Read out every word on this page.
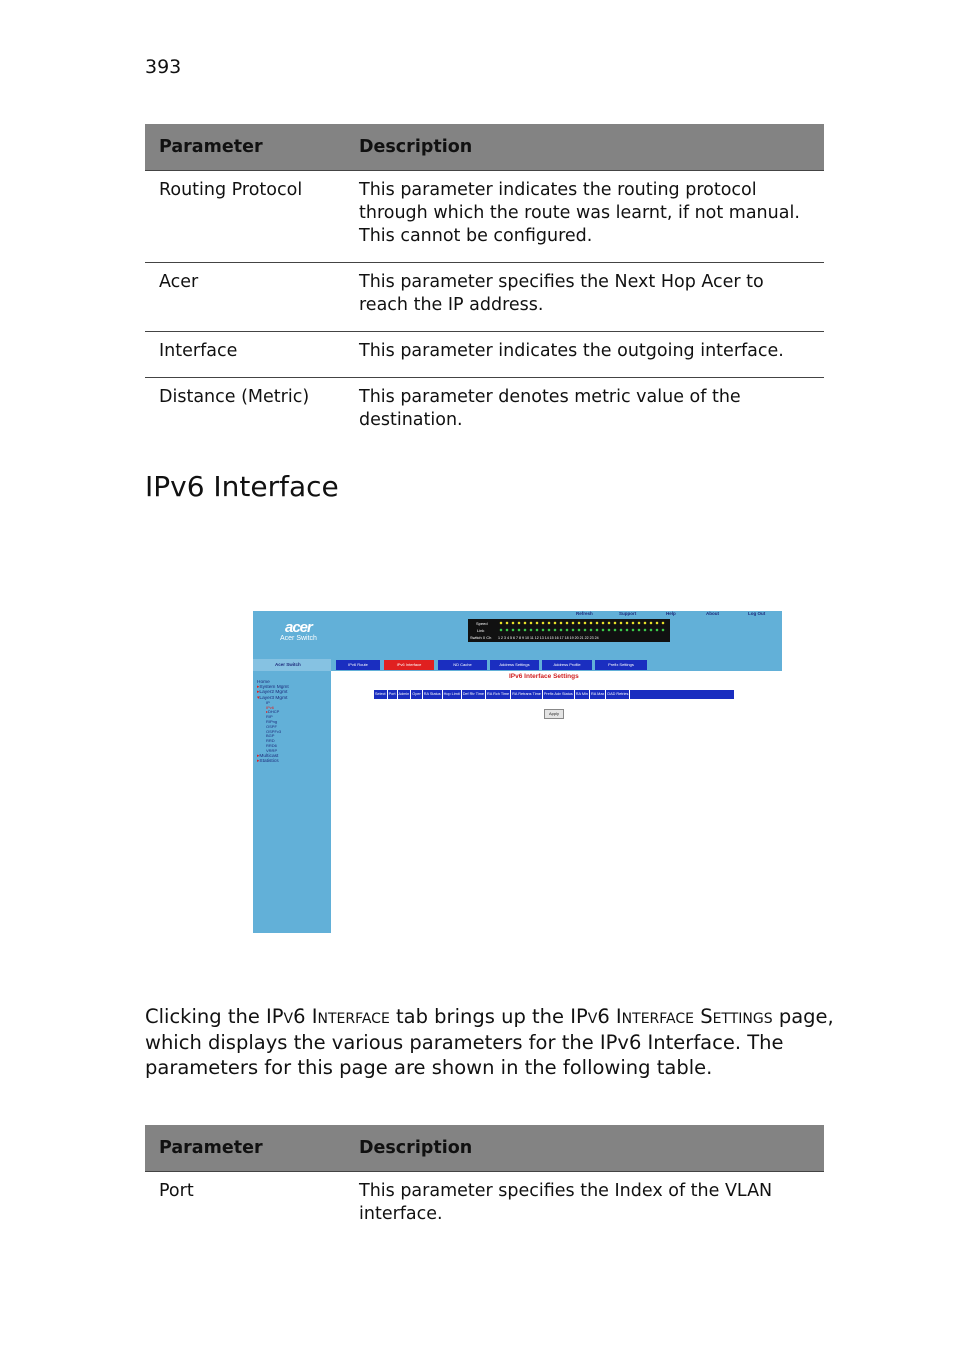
393
Parameter	Description
Routing Protocol	This parameter indicates the routing protocol through which the route was learnt, if not manual. This cannot be configured.
Acer	This parameter specifies the Next Hop Acer to reach the IP address.
Interface	This parameter indicates the outgoing interface.
Distance (Metric)	This parameter denotes metric value of the destination.
IPv6 Interface
acer
Acer Switch
Refresh	Support	Help	About	Log Out
Speed
Link
Switch 0 Ch 1 2 3 4 5 6 7 8 9 10 11 12 13 14 15 16 17 18 19 20 21 22 23 24
Acer Switch	IPv6 Route	IPv6 Interface	ND Cache	Address Settings	Address Profile	Prefix Settings
Home
▸System Mgmt
▸Layer2 Mgmt
▾Layer3 Mgmt
IP
IPv6
▸DHCP
RIP
RIPng
OSPF
OSPFv3
BGP
RRD
RRD6
VRRP
▸Multicast
▸Statistics
IPv6 Interface Settings
Select Port Admin Oper RA Status Hop Limit Def Rtr Time RA Rch Time RA Retrans Time Prefix Adv Status RA Min RA Max DAD Retries
Apply
Clicking the IPv6 Interface tab brings up the IPv6 Interface Settings page, which displays the various parameters for the IPv6 Interface. The parameters for this page are shown in the following table.
Parameter	Description
Port	This parameter specifies the Index of the VLAN interface.
